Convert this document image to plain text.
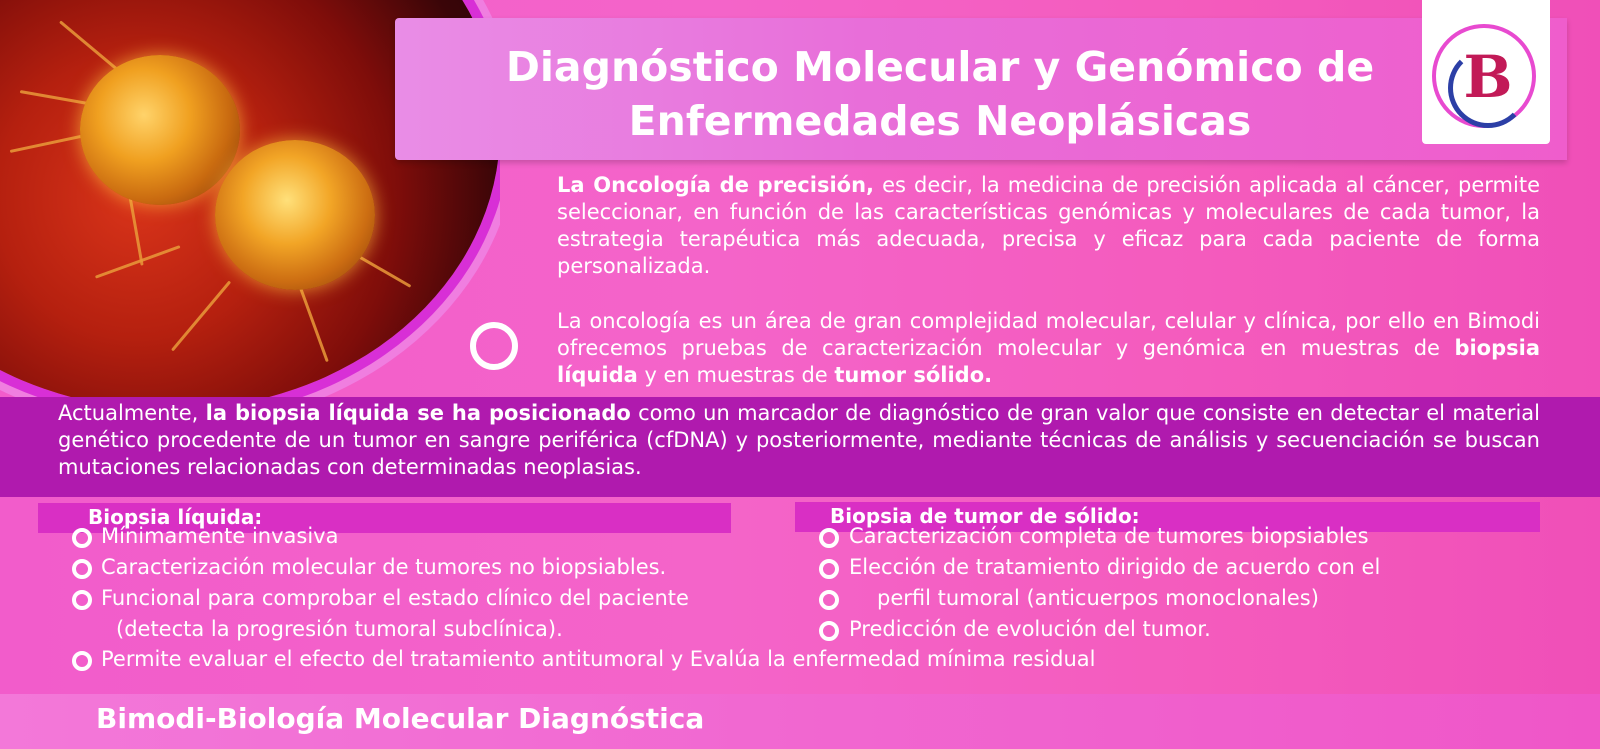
Diagnóstico Molecular y Genómico de
Enfermedades Neoplásicas
B

La Oncología de precisión, es decir, la medicina de precisión aplicada al cáncer, permite seleccionar, en función de las características genómicas y moleculares de cada tumor, la estrategia terapéutica más adecuada, precisa y eficaz para cada paciente de forma personalizada.

La oncología es un área de gran complejidad molecular, celular y clínica, por ello en Bimodi ofrecemos pruebas de caracterización molecular y genómica en muestras de biopsia líquida y en muestras de tumor sólido.

Actualmente, la biopsia líquida se ha posicionado como un marcador de diagnóstico de gran valor que consiste en detectar el material genético procedente de un tumor en sangre periférica (cfDNA) y posteriormente, mediante técnicas de análisis y secuenciación se buscan mutaciones relacionadas con determinadas neoplasias.

Biopsia líquida:
Mínimamente invasiva
Caracterización molecular de tumores no biopsiables.
Funcional para comprobar el estado clínico del paciente
(detecta la progresión tumoral subclínica).
Permite evaluar el efecto del tratamiento antitumoral y Evalúa la enfermedad mínima residual
Biopsia de tumor de sólido:
Caracterización completa de tumores biopsiables
Elección de tratamiento dirigido de acuerdo con el
perfil tumoral (anticuerpos monoclonales)
Predicción de evolución del tumor.
Bimodi-Biología Molecular Diagnóstica
